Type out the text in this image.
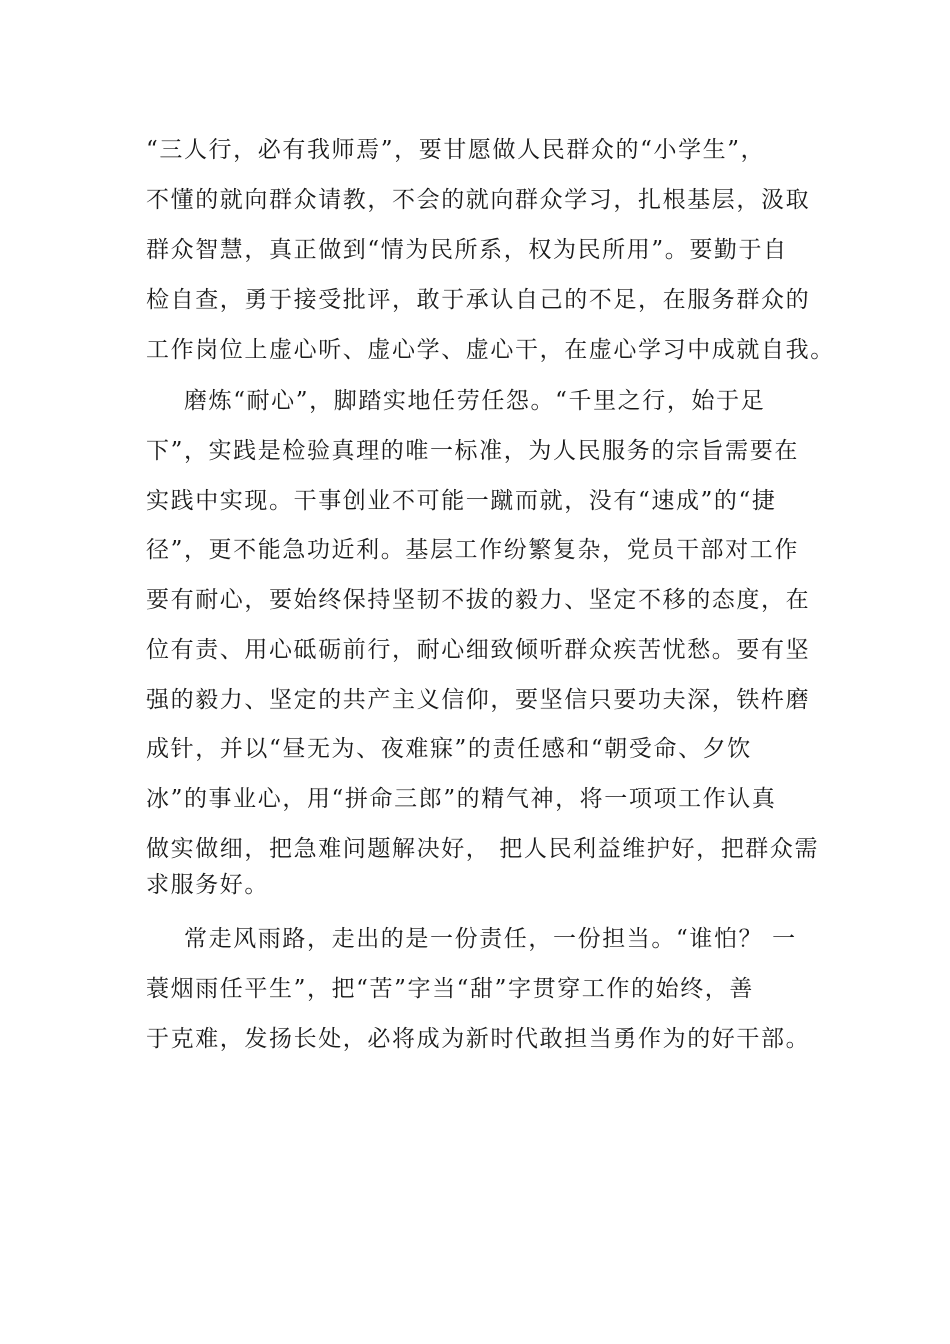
“三人行，必有我师焉”，要甘愿做人民群众的“小学生”，
不懂的就向群众请教，不会的就向群众学习，扎根基层，汲取
群众智慧，真正做到“情为民所系，权为民所用”。要勤于自
检自查，勇于接受批评，敢于承认自己的不足，在服务群众的
工作岗位上虚心听、虚心学、虚心干，在虚心学习中成就自我。
磨炼“耐心”，脚踏实地任劳任怨。“千里之行，始于足
下”，实践是检验真理的唯一标准，为人民服务的宗旨需要在
实践中实现。干事创业不可能一蹴而就，没有“速成”的“捷
径”，更不能急功近利。基层工作纷繁复杂，党员干部对工作
要有耐心，要始终保持坚韧不拔的毅力、坚定不移的态度，在
位有责、用心砥砺前行，耐心细致倾听群众疾苦忧愁。要有坚
强的毅力、坚定的共产主义信仰，要坚信只要功夫深，铁杵磨
成针，并以“昼无为、夜难寐”的责任感和“朝受命、夕饮
冰”的事业心，用“拼命三郎”的精气神，将一项项工作认真
做实做细，把急难问题解决好， 把人民利益维护好，把群众需
求服务好。
常走风雨路，走出的是一份责任，一份担当。“谁怕？ 一
蓑烟雨任平生”，把“苦”字当“甜”字贯穿工作的始终，善
于克难，发扬长处，必将成为新时代敢担当勇作为的好干部。
